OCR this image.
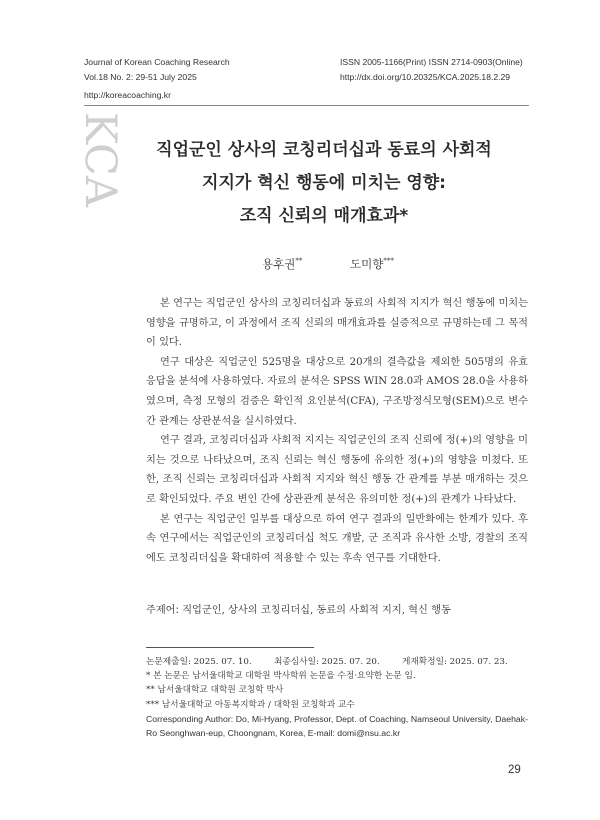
Journal of Korean Coaching Research	ISSN 2005-1166(Print) ISSN 2714-0903(Online)
Vol.18 No. 2: 29-51 July 2025	http://dx.doi.org/10.20325/KCA.2025.18.2.29
http://koreacoaching.kr
KCA	직업군인 상사의 코칭리더십과 동료의 사회적
지지가 혁신 행동에 미치는 영향:
조직 신뢰의 매개효과*
용후권**	도미향***

본 연구는 직업군인 상사의 코칭리더십과 동료의 사회적 지지가 혁신 행동에 미치는 영향을 규명하고, 이 과정에서 조직 신뢰의 매개효과를 실증적으로 규명하는데 그 목적이 있다.

연구 대상은 직업군인 525명을 대상으로 20개의 결측값을 제외한 505명의 유효 응답을 분석에 사용하였다. 자료의 분석은 SPSS WIN 28.0과 AMOS 28.0을 사용하였으며, 측정 모형의 검증은 확인적 요인분석(CFA), 구조방정식모형(SEM)으로 변수 간 관계는 상관분석을 실시하였다.

연구 결과, 코칭리더십과 사회적 지지는 직업군인의 조직 신뢰에 정(+)의 영향을 미치는 것으로 나타났으며, 조직 신뢰는 혁신 행동에 유의한 정(+)의 영향을 미쳤다. 또한, 조직 신뢰는 코칭리더십과 사회적 지지와 혁신 행동 간 관계를 부분 매개하는 것으로 확인되었다. 주요 변인 간에 상관관계 분석은 유의미한 정(+)의 관계가 나타났다.

본 연구는 직업군인 일부를 대상으로 하여 연구 결과의 일반화에는 한계가 있다. 후속 연구에서는 직업군인의 코칭리더십 척도 개발, 군 조직과 유사한 소방, 경찰의 조직에도 코칭리더십을 확대하여 적용할 수 있는 후속 연구를 기대한다.

주제어: 직업군인, 상사의 코칭리더십, 동료의 사회적 지지, 혁신 행동
논문제출일: 2025. 07. 10.	최종심사일: 2025. 07. 20.	게재확정일: 2025. 07. 23.
* 본 논문은 남서울대학교 대학원 박사학위 논문을 수정·요약한 논문 임.
** 남서울대학교 대학원 코칭학 박사
*** 남서울대학교 아동복지학과 / 대학원 코칭학과 교수
Corresponding Author: Do, Mi-Hyang, Professor, Dept. of Coaching, Namseoul University, Daehak-Ro Seonghwan-eup, Choongnam, Korea, E-mail: domi@nsu.ac.kr
29
